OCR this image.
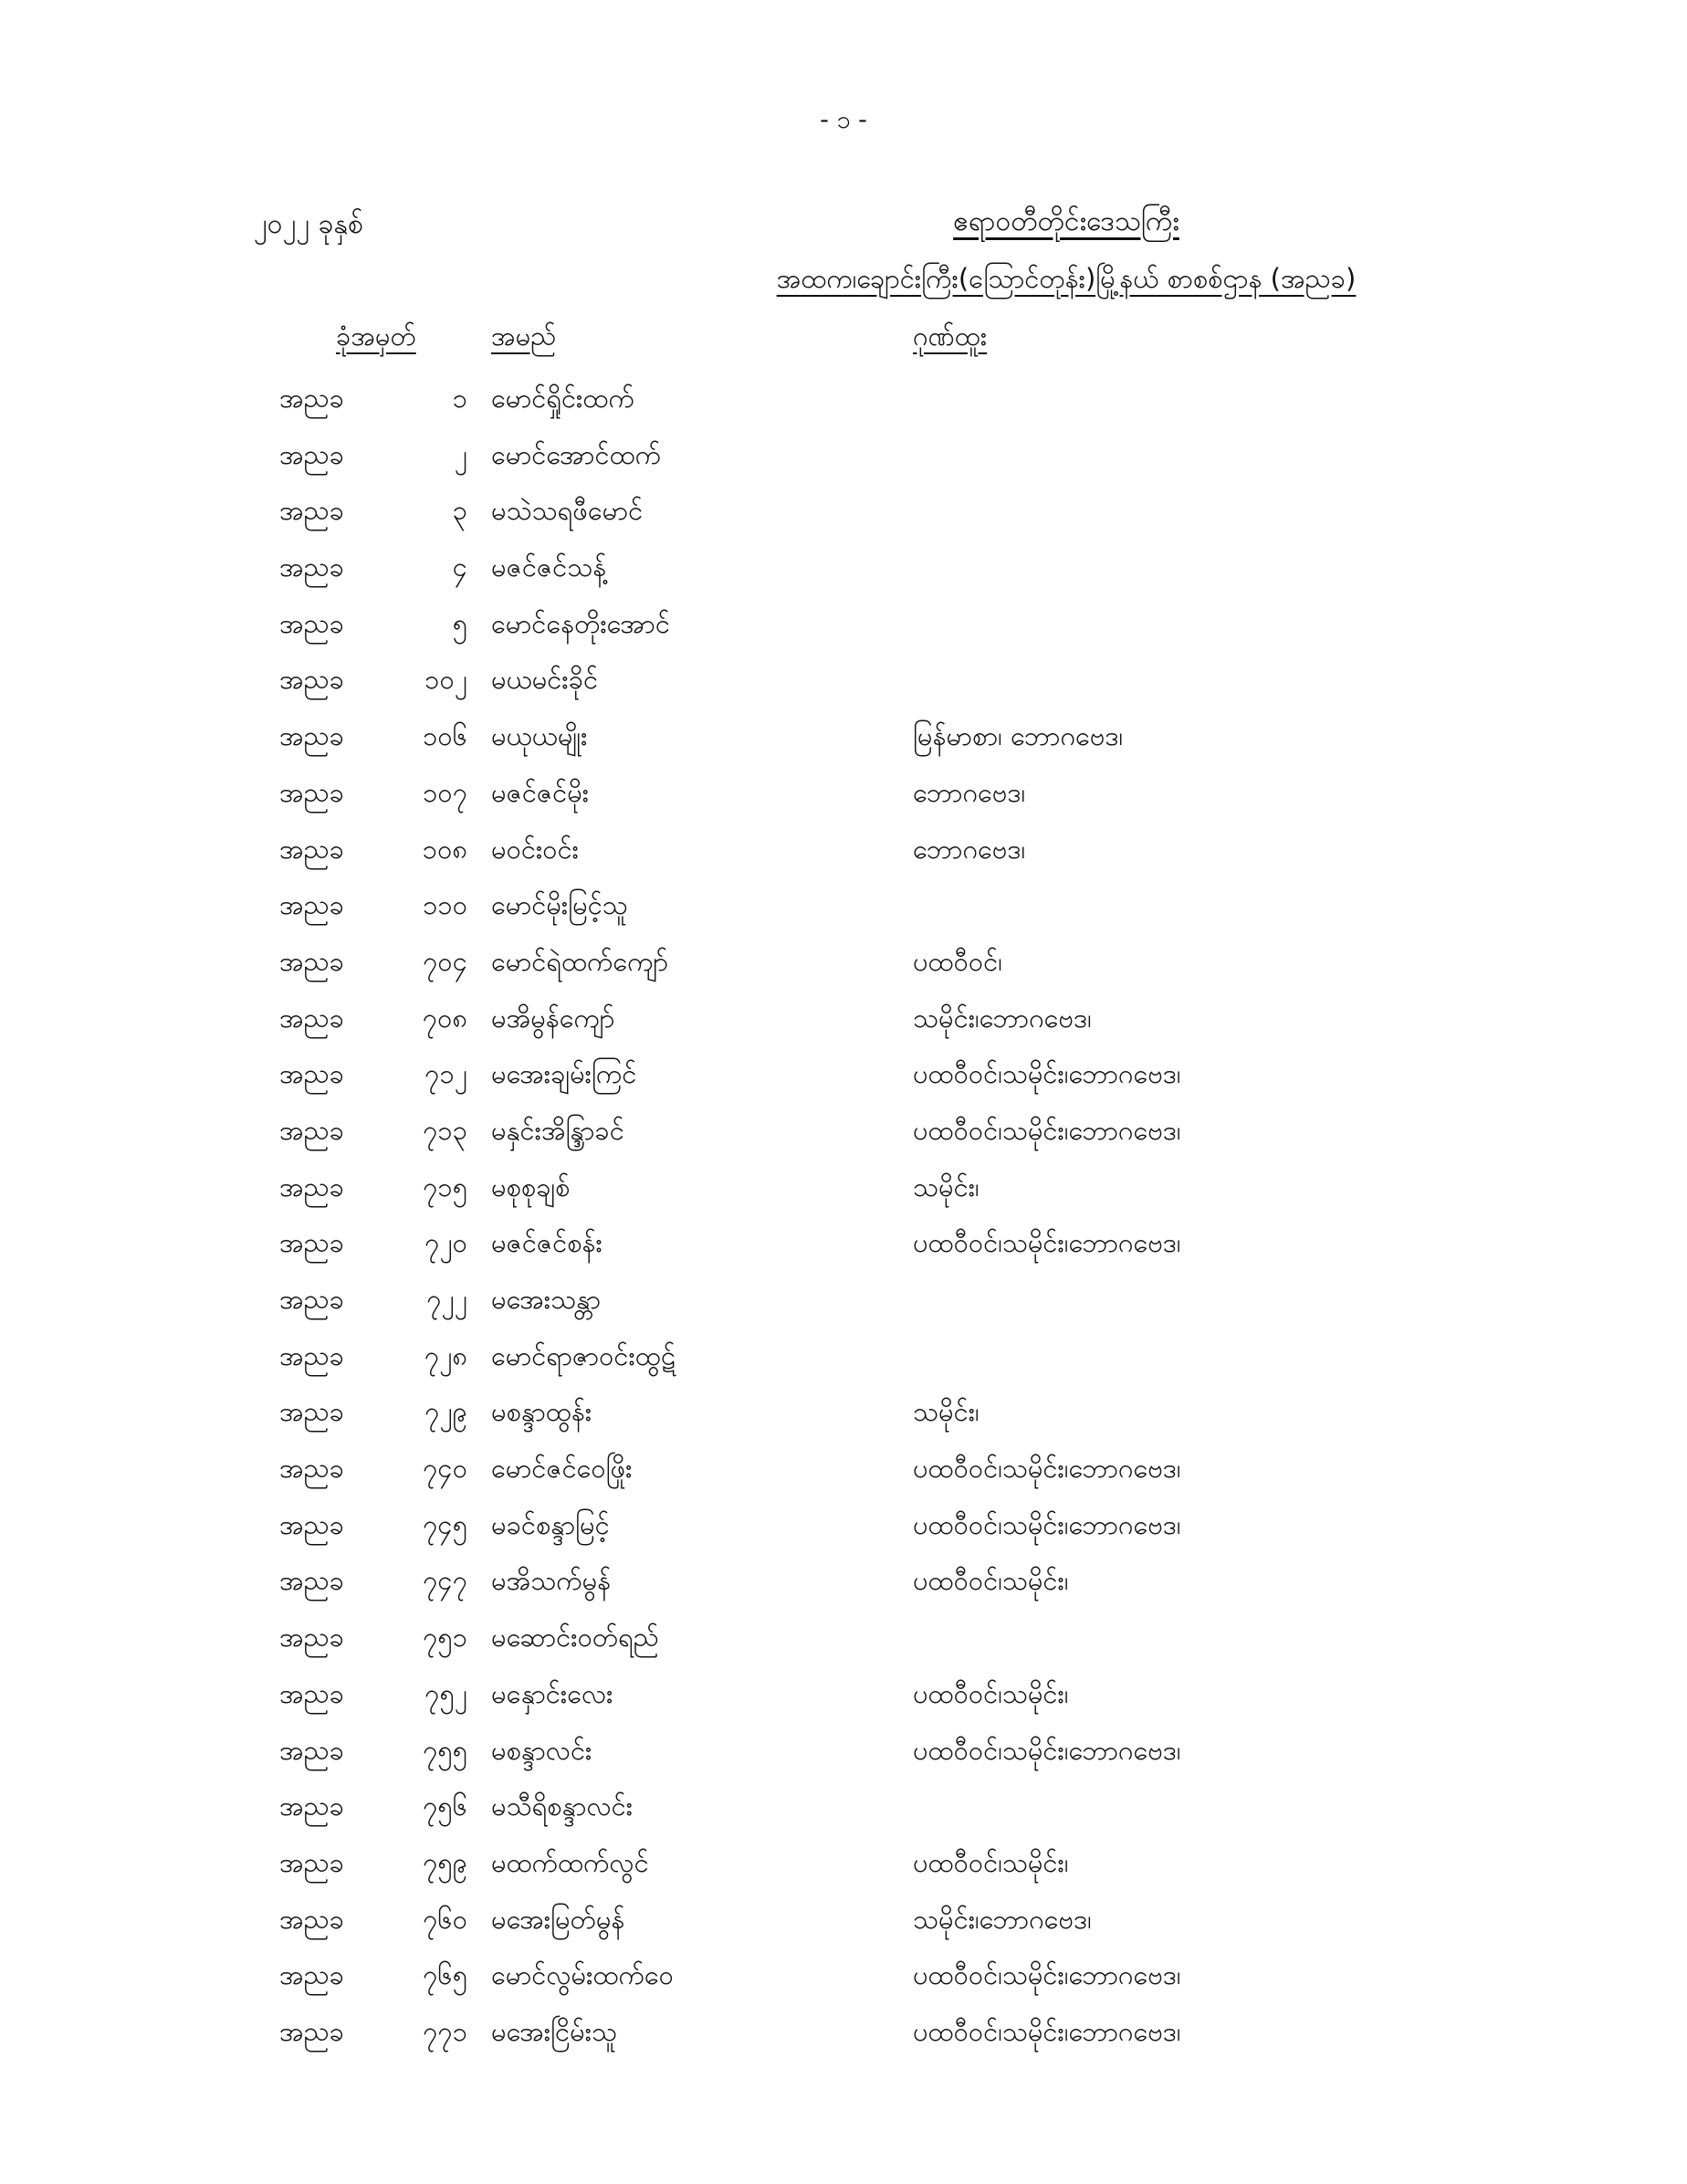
- ၁ -
၂၀၂၂ ခုနှစ်	ဧရာဝတီတိုင်းဒေသကြီး
အထက၊ချောင်းကြီး(ဩောင်တုန်း)မြို့နယ် စာစစ်ဌာန (အညခ)
ခုံအမှတ်	အမည်	ဂုဏ်ထူး
အညခ	၁ မောင်ရှိုင်းထက်
အညခ	၂ မောင်အောင်ထက်
အညခ	၃ မသဲသရဖီမောင်
အညခ	၄ မဇင်ဇင်သန့်
အညခ	၅ မောင်နေတိုးအောင်
အညခ	၁၀၂ မယမင်းခိုင်
အညခ	၁၀၆ မယုယမျိုး	မြန်မာစာ၊ ဘောဂဗေဒ၊
အညခ	၁၀၇ မဇင်ဇင်မိုး	ဘောဂဗေဒ၊
အညခ	၁၀၈ မဝင်းဝင်း	ဘောဂဗေဒ၊
အညခ	၁၁၀ မောင်မိုးမြင့်သူ
အညခ	၇၀၄ မောင်ရဲထက်ကျော်	ပထဝီဝင်၊
အညခ	၇၀၈ မအိမွန်ကျော်	သမိုင်း၊ဘောဂဗေဒ၊
အညခ	၇၁၂ မအေးချမ်းကြင်	ပထဝီဝင်၊သမိုင်း၊ဘောဂဗေဒ၊
အညခ	၇၁၃ မနှင်းအိန္ဒြာခင်	ပထဝီဝင်၊သမိုင်း၊ဘောဂဗေဒ၊
အညခ	၇၁၅ မစုစုချစ်	သမိုင်း၊
အညခ	၇၂၀ မဇင်ဇင်စန်း	ပထဝီဝင်၊သမိုင်း၊ဘောဂဗေဒ၊
အညခ	၇၂၂ မအေးသန္တာ
အညခ	၇၂၈ မောင်ရာဇာဝင်းထွဋ်
အညခ	၇၂၉ မစန္ဒာထွန်း	သမိုင်း၊
အညခ	၇၄၀ မောင်ဇင်ဝေဖြိုး	ပထဝီဝင်၊သမိုင်း၊ဘောဂဗေဒ၊
အညခ	၇၄၅ မခင်စန္ဒာမြင့်	ပထဝီဝင်၊သမိုင်း၊ဘောဂဗေဒ၊
အညခ	၇၄၇ မအိသက်မွန်	ပထဝီဝင်၊သမိုင်း၊
အညခ	၇၅၁ မဆောင်းဝတ်ရည်
အညခ	၇၅၂ မနှောင်းလေး	ပထဝီဝင်၊သမိုင်း၊
အညခ	၇၅၅ မစန္ဒာလင်း	ပထဝီဝင်၊သမိုင်း၊ဘောဂဗေဒ၊
အညခ	၇၅၆ မသီရိစန္ဒာလင်း
အညခ	၇၅၉ မထက်ထက်လွင်	ပထဝီဝင်၊သမိုင်း၊
အညခ	၇၆၀ မအေးမြတ်မွန်	သမိုင်း၊ဘောဂဗေဒ၊
အညခ	၇၆၅ မောင်လွမ်းထက်ဝေ	ပထဝီဝင်၊သမိုင်း၊ဘောဂဗေဒ၊
အညခ	၇၇၁ မအေးငြိမ်းသူ	ပထဝီဝင်၊သမိုင်း၊ဘောဂဗေဒ၊
